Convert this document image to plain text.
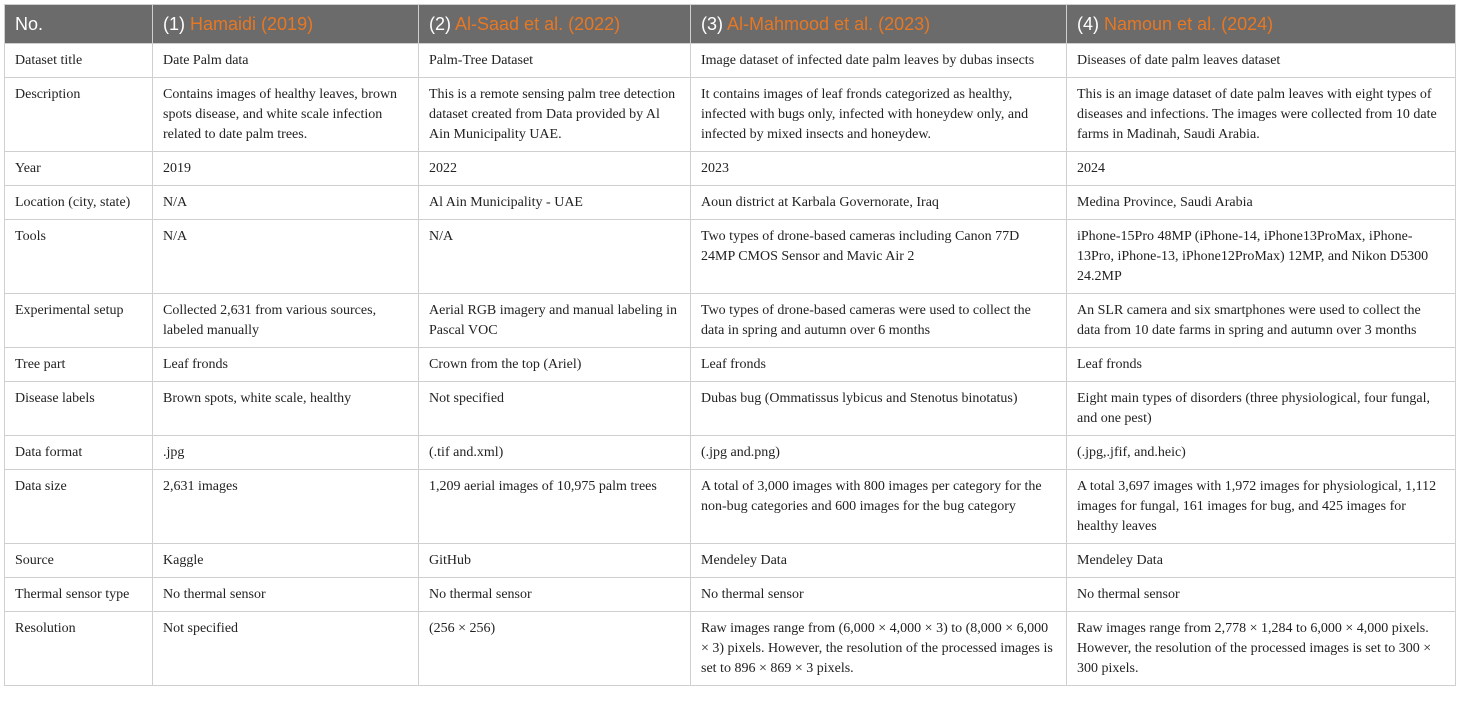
No.	(1) Hamaidi (2019)	(2) Al-Saad et al. (2022)	(3) Al-Mahmood et al. (2023)	(4) Namoun et al. (2024)
Dataset title	Date Palm data	Palm-Tree Dataset	Image dataset of infected date palm leaves by dubas insects	Diseases of date palm leaves dataset
Description	Contains images of healthy leaves, brown spots disease, and white scale infection related to date palm trees.	This is a remote sensing palm tree detection dataset created from Data provided by Al Ain Municipality UAE.	It contains images of leaf fronds categorized as healthy, infected with bugs only, infected with honeydew only, and infected by mixed insects and honeydew.	This is an image dataset of date palm leaves with eight types of diseases and infections. The images were collected from 10 date farms in Madinah, Saudi Arabia.
Year	2019	2022	2023	2024
Location (city, state)	N/A	Al Ain Municipality - UAE	Aoun district at Karbala Governorate, Iraq	Medina Province, Saudi Arabia
Tools	N/A	N/A	Two types of drone-based cameras including Canon 77D 24MP CMOS Sensor and Mavic Air 2	iPhone-15Pro 48MP (iPhone-14, iPhone13ProMax, iPhone-13Pro, iPhone-13, iPhone12ProMax) 12MP, and Nikon D5300 24.2MP
Experimental setup	Collected 2,631 from various sources, labeled manually	Aerial RGB imagery and manual labeling in Pascal VOC	Two types of drone-based cameras were used to collect the data in spring and autumn over 6 months	An SLR camera and six smartphones were used to collect the data from 10 date farms in spring and autumn over 3 months
Tree part	Leaf fronds	Crown from the top (Ariel)	Leaf fronds	Leaf fronds
Disease labels	Brown spots, white scale, healthy	Not specified	Dubas bug (Ommatissus lybicus and Stenotus binotatus)	Eight main types of disorders (three physiological, four fungal, and one pest)
Data format	.jpg	(.tif and.xml)	(.jpg and.png)	(.jpg,.jfif, and.heic)
Data size	2,631 images	1,209 aerial images of 10,975 palm trees	A total of 3,000 images with 800 images per category for the non-bug categories and 600 images for the bug category	A total 3,697 images with 1,972 images for physiological, 1,112 images for fungal, 161 images for bug, and 425 images for healthy leaves
Source	Kaggle	GitHub	Mendeley Data	Mendeley Data
Thermal sensor type	No thermal sensor	No thermal sensor	No thermal sensor	No thermal sensor
Resolution	Not specified	(256 × 256)	Raw images range from (6,000 × 4,000 × 3) to (8,000 × 6,000 × 3) pixels. However, the resolution of the processed images is set to 896 × 869 × 3 pixels.	Raw images range from 2,778 × 1,284 to 6,000 × 4,000 pixels. However, the resolution of the processed images is set to 300 × 300 pixels.
